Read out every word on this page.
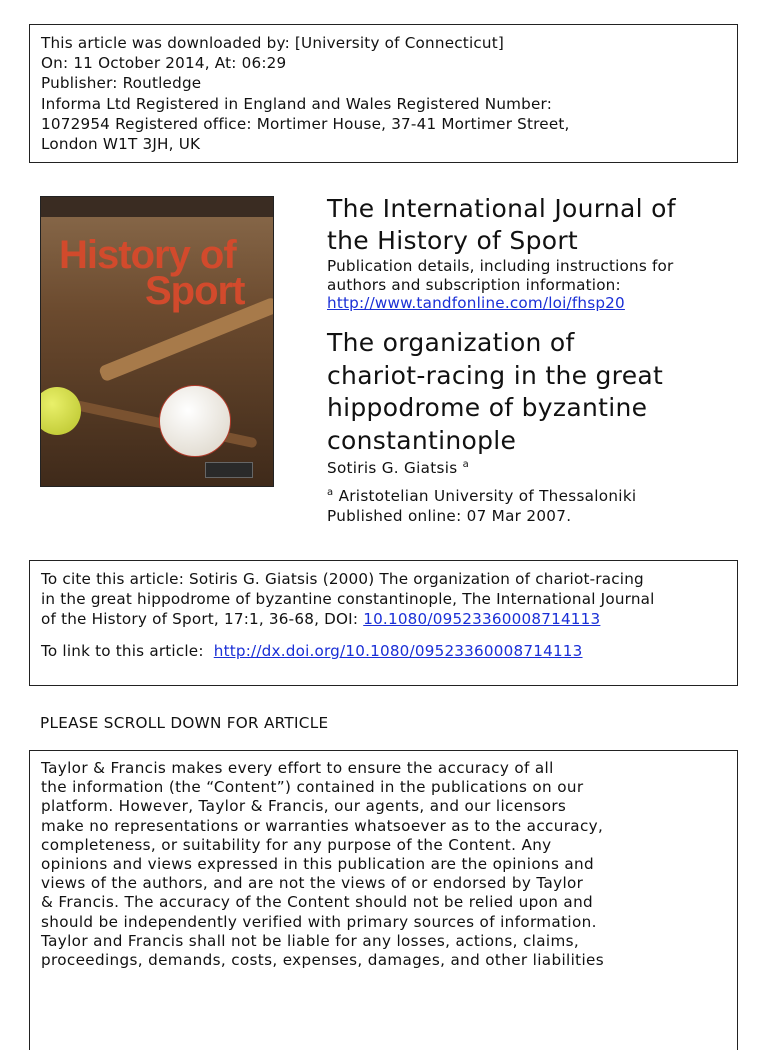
This article was downloaded by: [University of Connecticut]
On: 11 October 2014, At: 06:29
Publisher: Routledge
Informa Ltd Registered in England and Wales Registered Number:
1072954 Registered office: Mortimer House, 37-41 Mortimer Street,
London W1T 3JH, UK
History of
Sport
The International Journal of
the History of Sport
Publication details, including instructions for
authors and subscription information:
http://www.tandfonline.com/loi/fhsp20
The organization of
chariot-racing in the great
hippodrome of byzantine
constantinople
Sotiris G. Giatsis $^a$
$^a$ Aristotelian University of Thessaloniki
Published online: 07 Mar 2007.
To cite this article: Sotiris G. Giatsis (2000) The organization of chariot-racing
in the great hippodrome of byzantine constantinople, The International Journal
of the History of Sport, 17:1, 36-68, DOI: 10.1080/09523360008714113
To link to this article: http://dx.doi.org/10.1080/09523360008714113
PLEASE SCROLL DOWN FOR ARTICLE
Taylor & Francis makes every effort to ensure the accuracy of all
the information (the “Content”) contained in the publications on our
platform. However, Taylor & Francis, our agents, and our licensors
make no representations or warranties whatsoever as to the accuracy,
completeness, or suitability for any purpose of the Content. Any
opinions and views expressed in this publication are the opinions and
views of the authors, and are not the views of or endorsed by Taylor
& Francis. The accuracy of the Content should not be relied upon and
should be independently verified with primary sources of information.
Taylor and Francis shall not be liable for any losses, actions, claims,
proceedings, demands, costs, expenses, damages, and other liabilities
